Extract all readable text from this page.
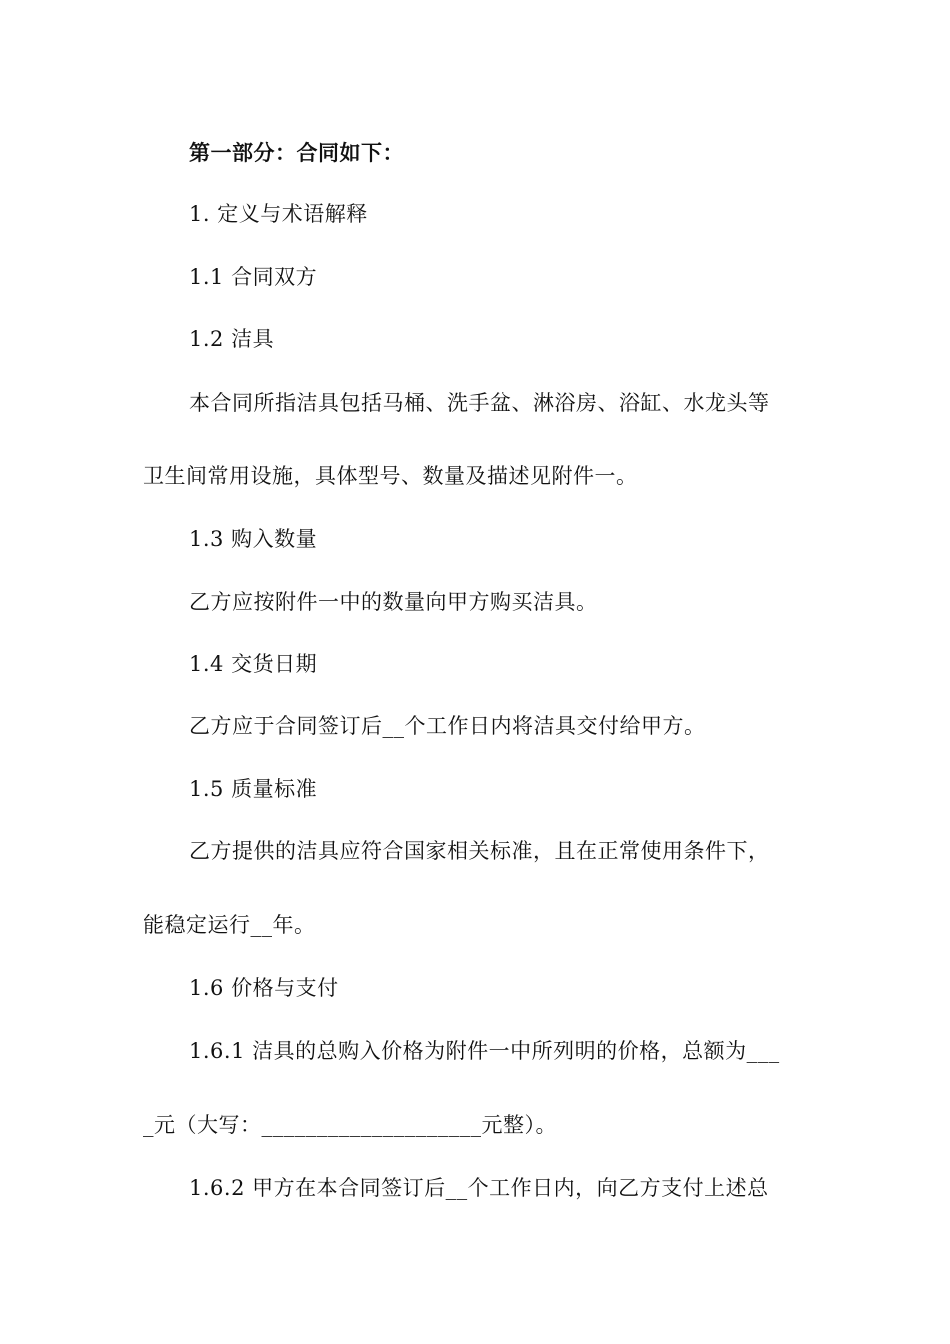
第一部分：合同如下：
1. 定义与术语解释
1.1 合同双方
1.2 洁具
本合同所指洁具包括马桶、洗手盆、淋浴房、浴缸、水龙头等
卫生间常用设施，具体型号、数量及描述见附件一。
1.3 购入数量
乙方应按附件一中的数量向甲方购买洁具。
1.4 交货日期
乙方应于合同签订后__个工作日内将洁具交付给甲方。
1.5 质量标准
乙方提供的洁具应符合国家相关标准，且在正常使用条件下，
能稳定运行__年。
1.6 价格与支付
1.6.1 洁具的总购入价格为附件一中所列明的价格，总额为___
_元（大写：____________________元整）。
1.6.2 甲方在本合同签订后__个工作日内，向乙方支付上述总
